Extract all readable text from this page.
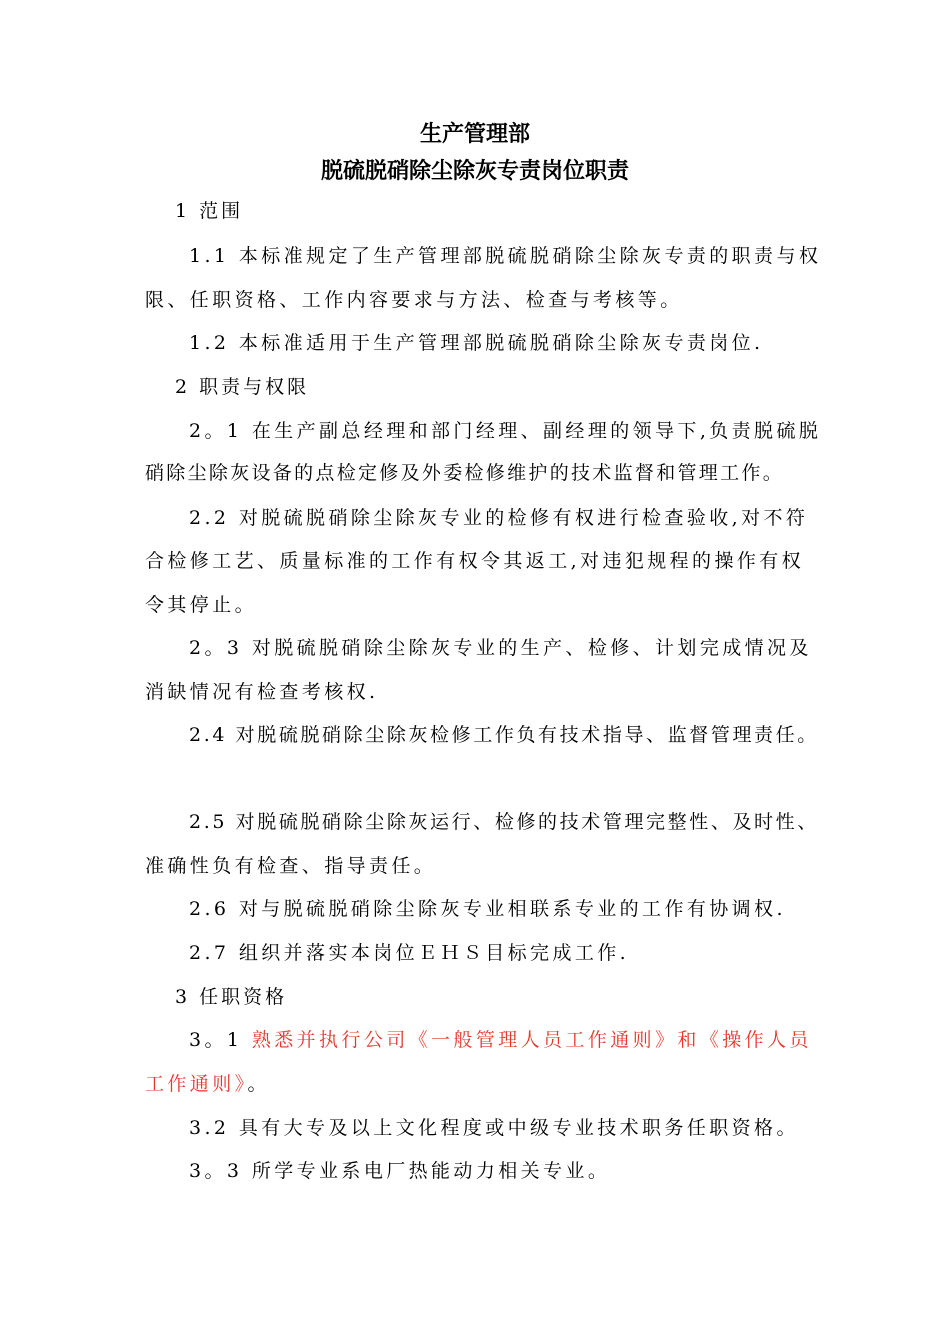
生产管理部
脱硫脱硝除尘除灰专责岗位职责
1 范围
1.1 本标准规定了生产管理部脱硫脱硝除尘除灰专责的职责与权
限、任职资格、工作内容要求与方法、检查与考核等。
1.2 本标准适用于生产管理部脱硫脱硝除尘除灰专责岗位.
2 职责与权限
2。1 在生产副总经理和部门经理、副经理的领导下,负责脱硫脱
硝除尘除灰设备的点检定修及外委检修维护的技术监督和管理工作。
2.2 对脱硫脱硝除尘除灰专业的检修有权进行检查验收,对不符
合检修工艺、质量标准的工作有权令其返工,对违犯规程的操作有权
令其停止。
2。3 对脱硫脱硝除尘除灰专业的生产、检修、计划完成情况及
消缺情况有检查考核权.
2.4 对脱硫脱硝除尘除灰检修工作负有技术指导、监督管理责任。
2.5 对脱硫脱硝除尘除灰运行、检修的技术管理完整性、及时性、
准确性负有检查、指导责任。
2.6 对与脱硫脱硝除尘除灰专业相联系专业的工作有协调权.
2.7 组织并落实本岗位ＥＨＳ目标完成工作.
3 任职资格
3。1 熟悉并执行公司《一般管理人员工作通则》和《操作人员
工作通则》。
3.2 具有大专及以上文化程度或中级专业技术职务任职资格。
3。3 所学专业系电厂热能动力相关专业。
